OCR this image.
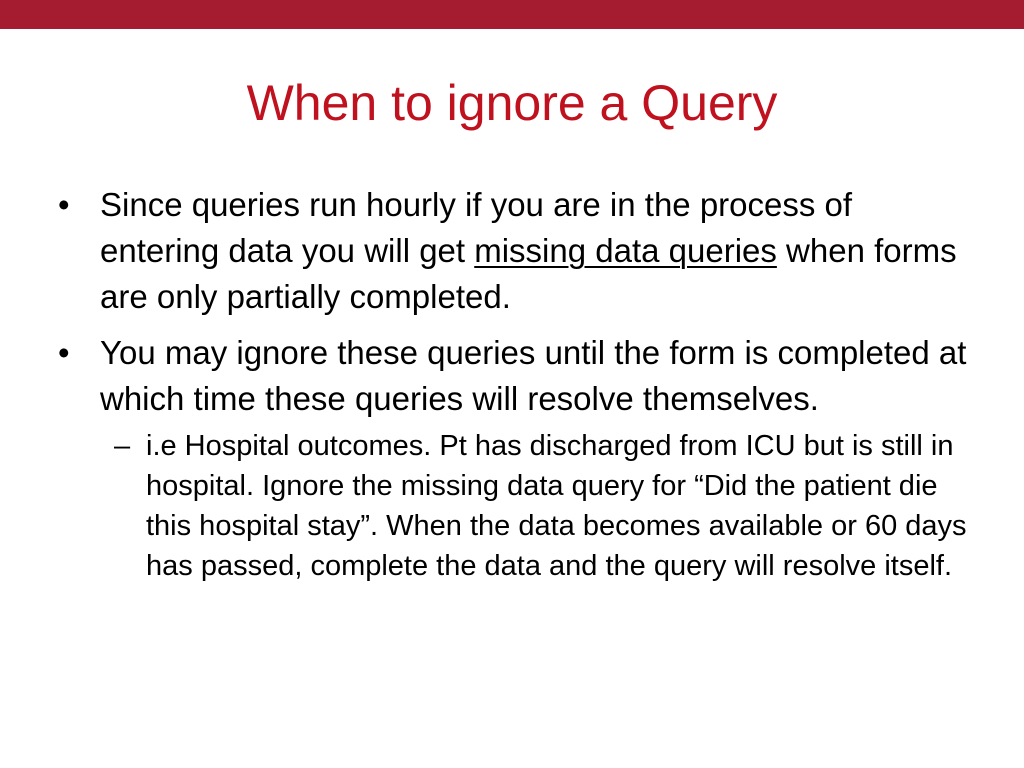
When to ignore a Query
• Since queries run hourly if you are in the process of entering data you will get missing data queries when forms are only partially completed.
• You may ignore these queries until the form is completed at which time these queries will resolve themselves.
– i.e Hospital outcomes. Pt has discharged from ICU but is still in hospital. Ignore the missing data query for “Did the patient die this hospital stay”. When the data becomes available or 60 days has passed, complete the data and the query will resolve itself.
